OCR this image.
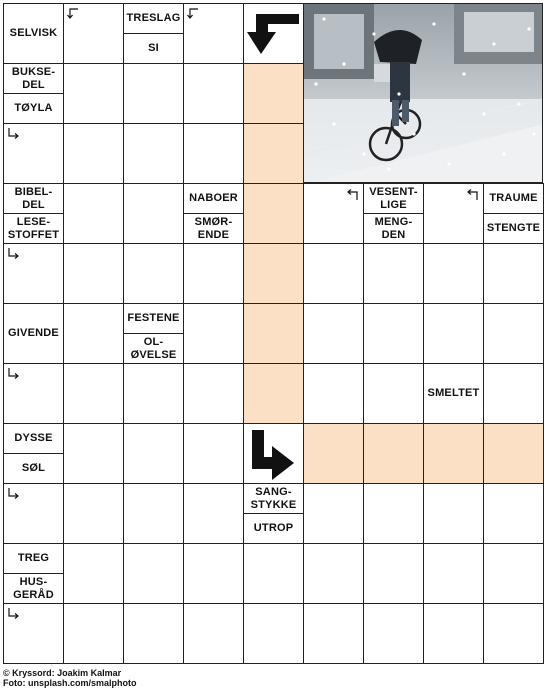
SELVISK
TRESLAG
SI
BUKSE-
DEL
TØYLA
BIBEL-
DEL
LESE-
STOFFET
NABOER
SMØR-
ENDE
VESENT-
LIGE
MENG-
DEN
TRAUME
STENGTE
GIVENDE
FESTENE
OL-
ØVELSE
SMELTET
DYSSE
SØL
SANG-
STYKKE
UTROP
TREG
HUS-
GERÅD
© Kryssord: Joakim Kalmar
Foto: unsplash.com/smalphoto
